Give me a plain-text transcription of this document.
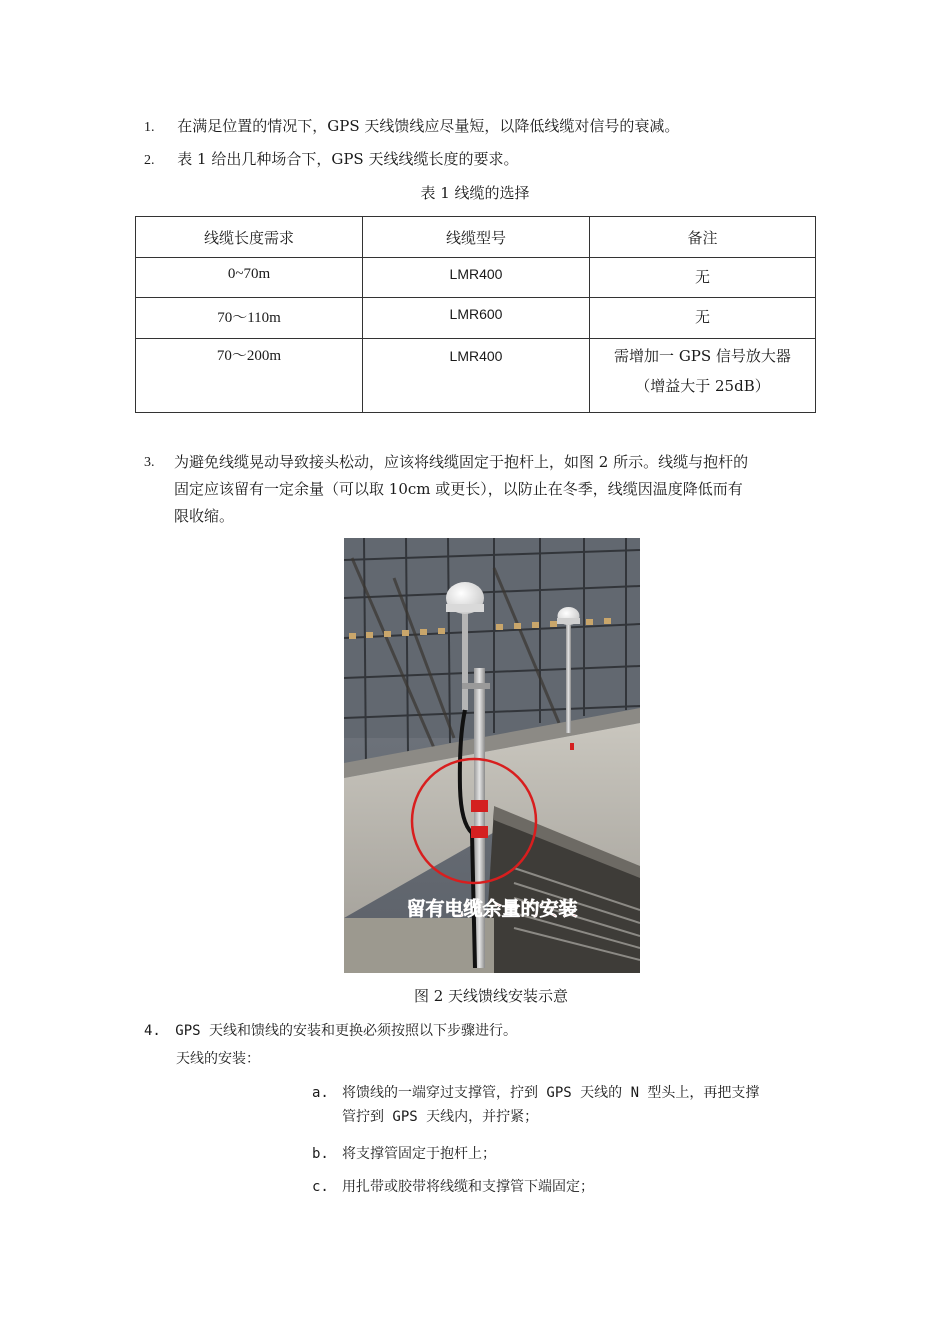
1. 在满足位置的情况下，GPS 天线馈线应尽量短，以降低线缆对信号的衰减。
2. 表 1 给出几种场合下，GPS 天线线缆长度的要求。
表 1 线缆的选择
线缆长度需求	线缆型号	备注
0~70m	LMR400	无
70～110m	LMR600	无
70～200m	LMR400	需增加一 GPS 信号放大器
（增益大于 25dB）
3. 为避免线缆晃动导致接头松动，应该将线缆固定于抱杆上，如图 2 所示。线缆与抱杆的
固定应该留有一定余量（可以取 10cm 或更长），以防止在冬季，线缆因温度降低而有
限收缩。
留有电缆余量的安装
图 2 天线馈线安装示意
4. GPS 天线和馈线的安装和更换必须按照以下步骤进行。
天线的安装：
a. 将馈线的一端穿过支撑管，拧到 GPS 天线的 N 型头上，再把支撑
管拧到 GPS 天线内，并拧紧；
b. 将支撑管固定于抱杆上；
c. 用扎带或胶带将线缆和支撑管下端固定；
